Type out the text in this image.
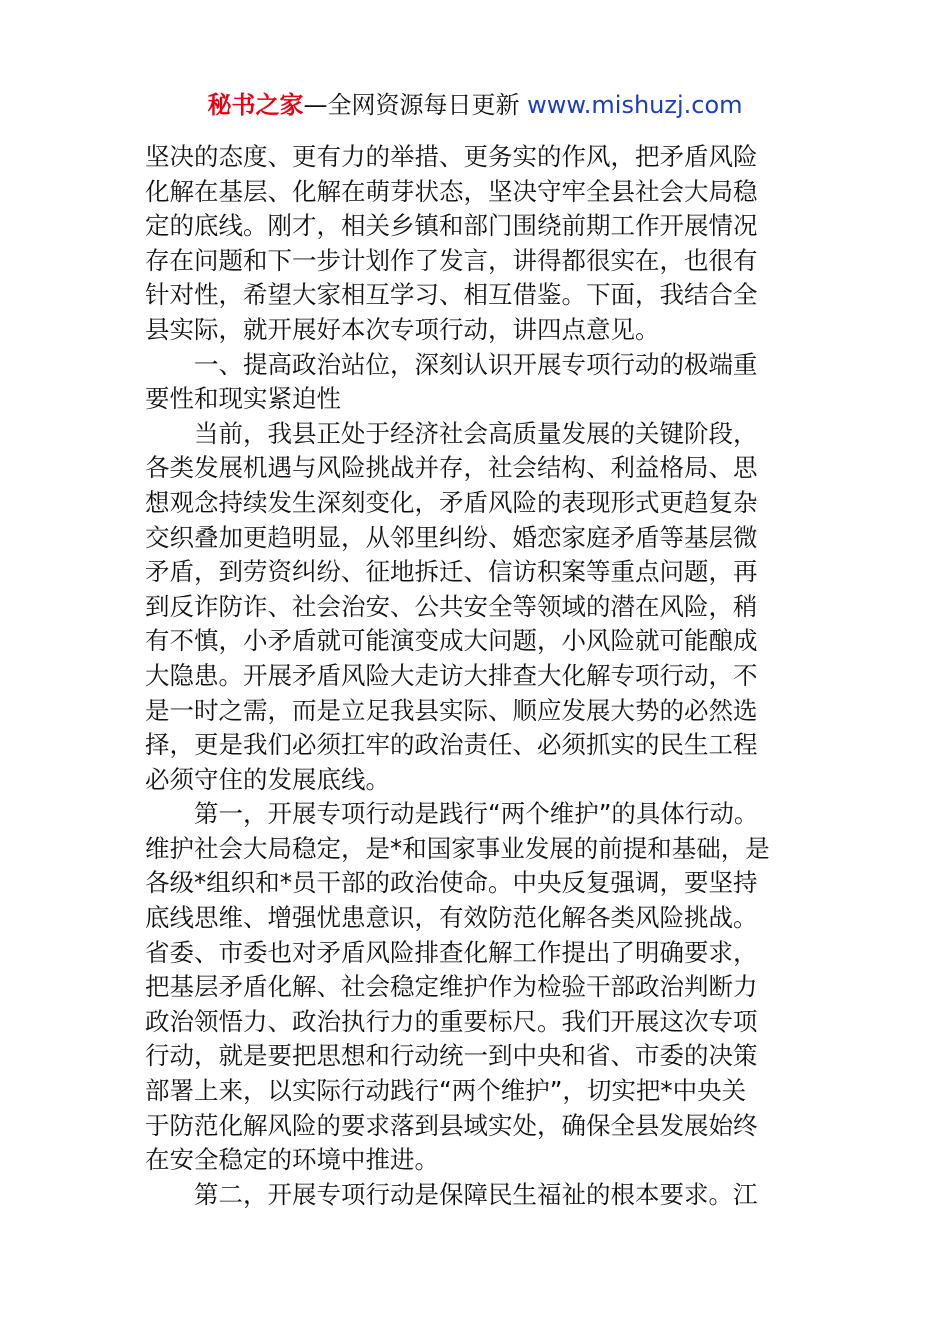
秘书之家—全网资源每日更新 www.mishuzj.com
坚决的态度、更有力的举措、更务实的作风，把矛盾风险
化解在基层、化解在萌芽状态，坚决守牢全县社会大局稳
定的底线。刚才，相关乡镇和部门围绕前期工作开展情况
存在问题和下一步计划作了发言，讲得都很实在，也很有
针对性，希望大家相互学习、相互借鉴。下面，我结合全
县实际，就开展好本次专项行动，讲四点意见。
一、提高政治站位，深刻认识开展专项行动的极端重
要性和现实紧迫性
当前，我县正处于经济社会高质量发展的关键阶段，
各类发展机遇与风险挑战并存，社会结构、利益格局、思
想观念持续发生深刻变化，矛盾风险的表现形式更趋复杂
交织叠加更趋明显，从邻里纠纷、婚恋家庭矛盾等基层微
矛盾，到劳资纠纷、征地拆迁、信访积案等重点问题，再
到反诈防诈、社会治安、公共安全等领域的潜在风险，稍
有不慎，小矛盾就可能演变成大问题，小风险就可能酿成
大隐患。开展矛盾风险大走访大排查大化解专项行动，不
是一时之需，而是立足我县实际、顺应发展大势的必然选
择，更是我们必须扛牢的政治责任、必须抓实的民生工程
必须守住的发展底线。
第一，开展专项行动是践行“两个维护”的具体行动。
维护社会大局稳定，是*和国家事业发展的前提和基础，是
各级*组织和*员干部的政治使命。中央反复强调，要坚持
底线思维、增强忧患意识，有效防范化解各类风险挑战。
省委、市委也对矛盾风险排查化解工作提出了明确要求，
把基层矛盾化解、社会稳定维护作为检验干部政治判断力
政治领悟力、政治执行力的重要标尺。我们开展这次专项
行动，就是要把思想和行动统一到中央和省、市委的决策
部署上来，以实际行动践行“两个维护”，切实把*中央关
于防范化解风险的要求落到县域实处，确保全县发展始终
在安全稳定的环境中推进。
第二，开展专项行动是保障民生福祉的根本要求。江
